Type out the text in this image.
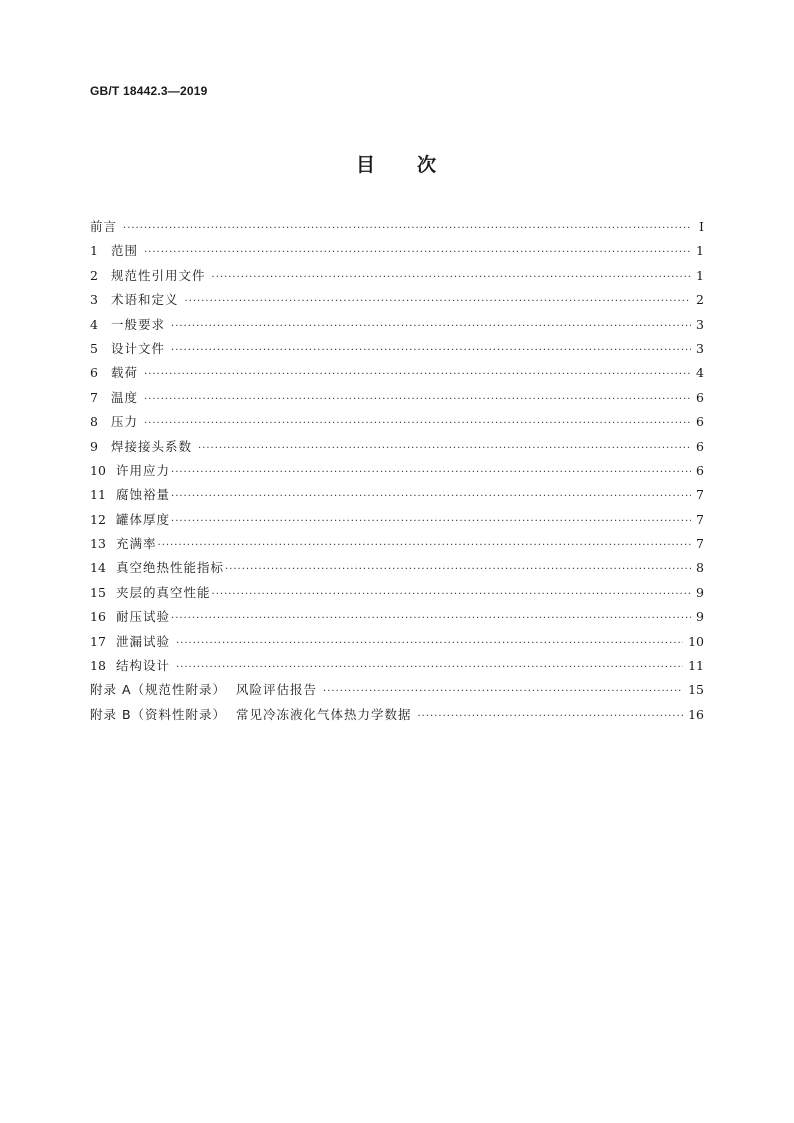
GB/T 18442.3—2019
目 次
前言 ·····	Ⅰ
1	范围 ·····	1
2	规范性引用文件 ·····	1
3	术语和定义 ·····	2
4	一般要求 ·····	3
5	设计文件 ·····	3
6	载荷 ·····	4
7	温度 ·····	6
8	压力 ·····	6
9	焊接接头系数 ·····	6
10 许用应力 ·····	6
11 腐蚀裕量 ·····	7
12 罐体厚度 ·····	7
13 充满率 ·····	7
14 真空绝热性能指标 ·····	8
15 夹层的真空性能 ·····	9
16 耐压试验 ·····	9
17 泄漏试验 ·····	10
18 结构设计 ·····	11
附录 A（规范性附录）  风险评估报告 ·····	15
附录 B（资料性附录）  常见冷冻液化气体热力学数据 ·····	16
